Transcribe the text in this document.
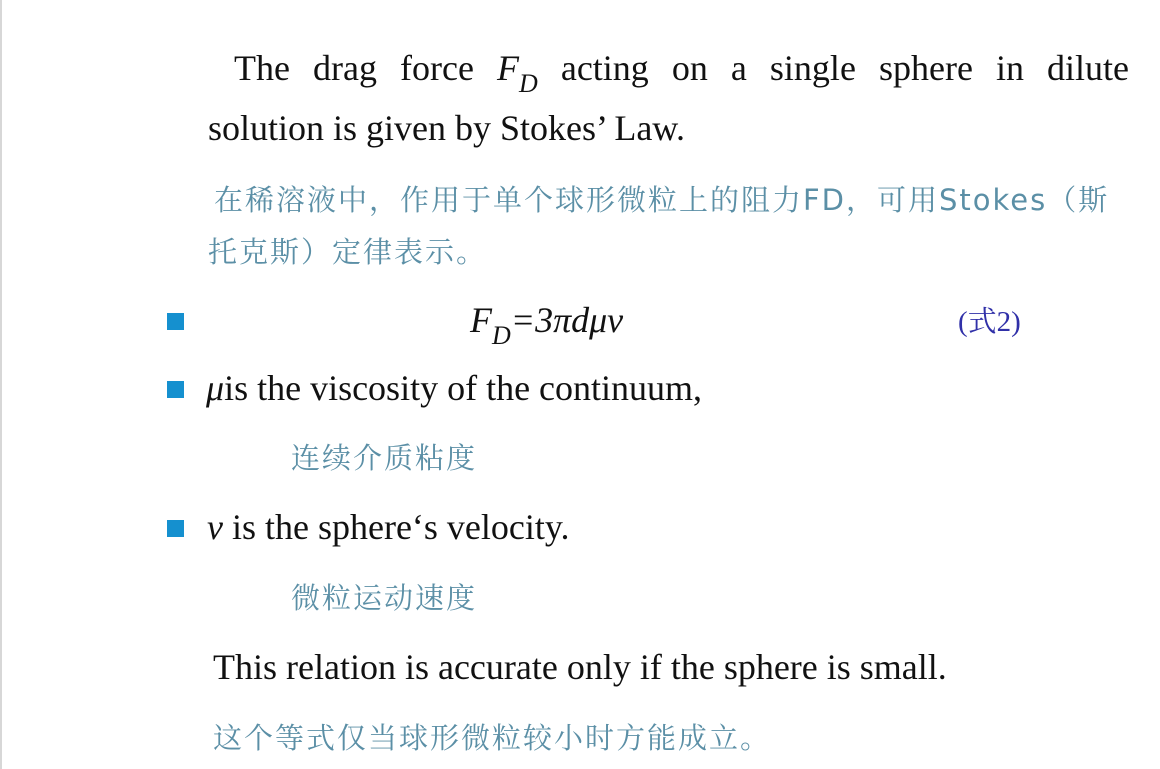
The drag force $F_D$ acting on a single sphere in dilute
solution is given by Stokes’ Law.
在稀溶液中，作用于单个球形微粒上的阻力FD，可用Stokes（斯
托克斯）定律表示。
$F_D=3\pi d\mu v$	(式2)
μis the viscosity of the continuum,
连续介质粘度
v is the sphere‘s velocity.
微粒运动速度
This relation is accurate only if the sphere is small.
这个等式仅当球形微粒较小时方能成立。
